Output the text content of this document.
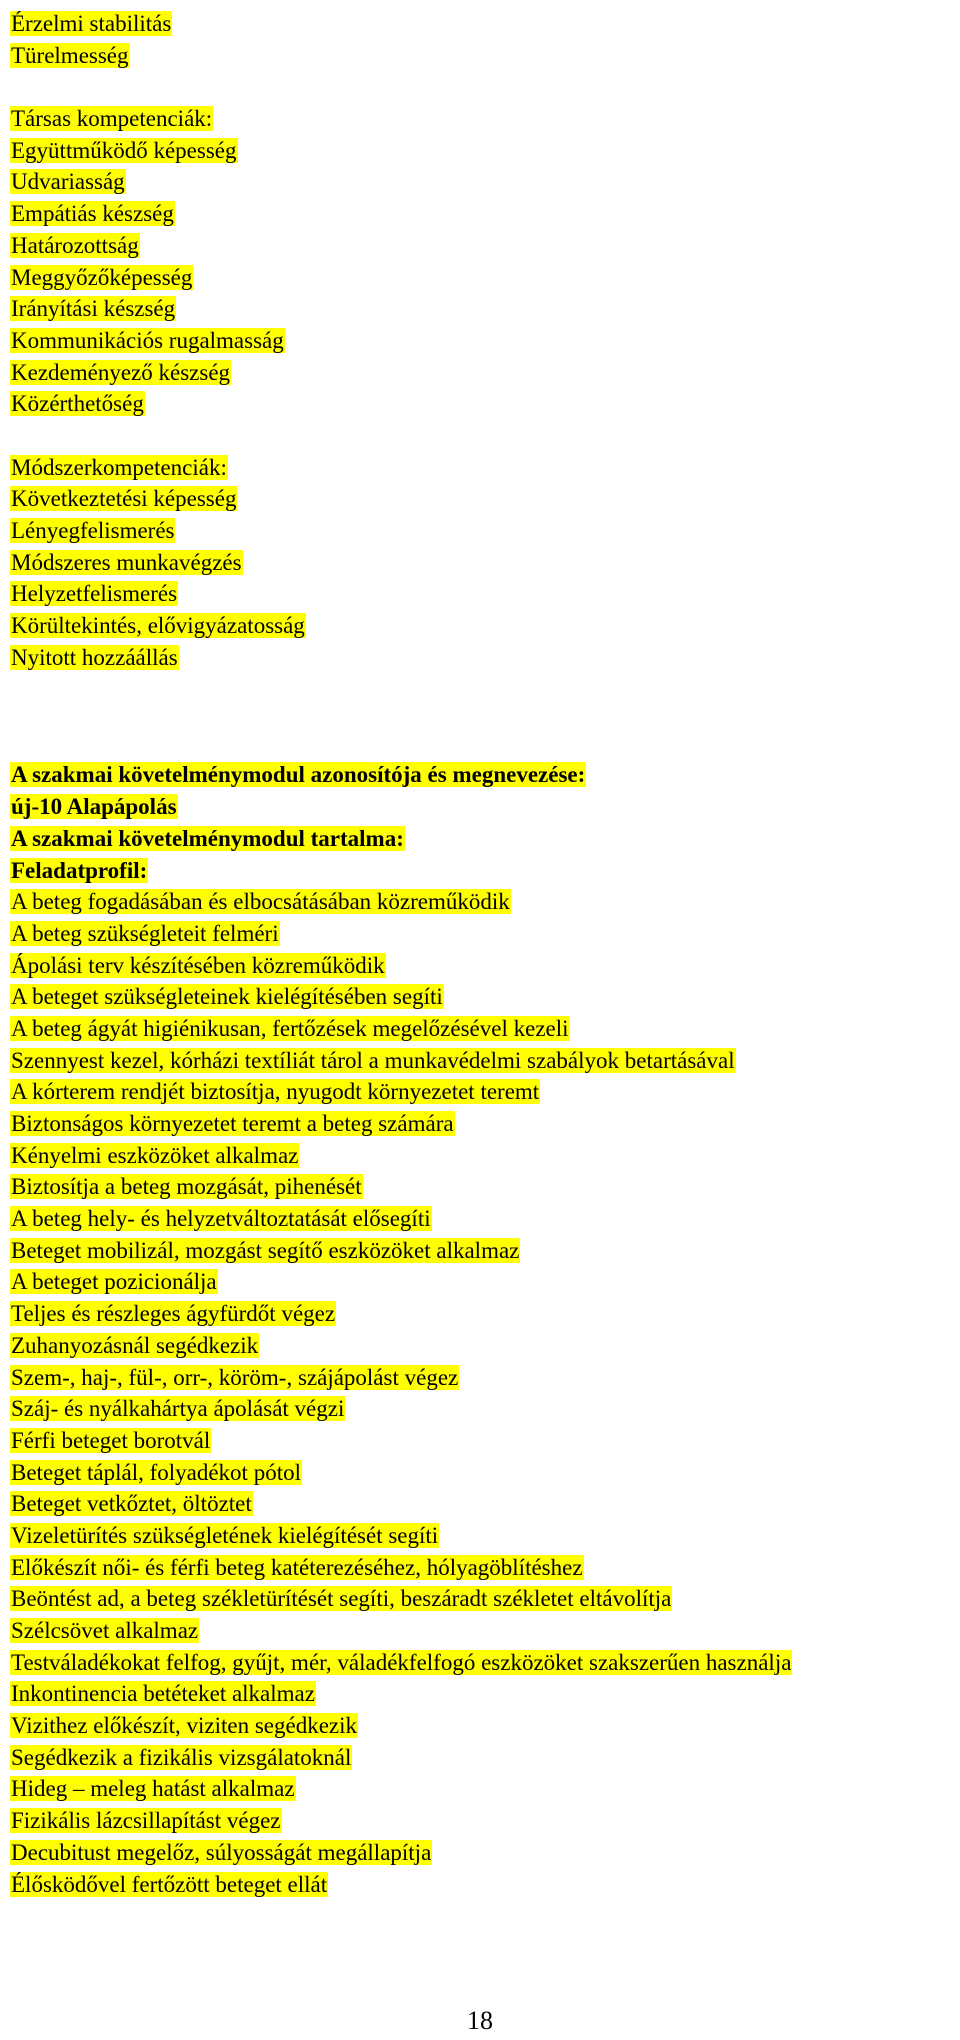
Érzelmi stabilitás
Türelmesség
Társas kompetenciák:
Együttműködő képesség
Udvariasság
Empátiás készség
Határozottság
Meggyőzőképesség
Irányítási készség
Kommunikációs rugalmasság
Kezdeményező készség
Közérthetőség
Módszerkompetenciák:
Következtetési képesség
Lényegfelismerés
Módszeres munkavégzés
Helyzetfelismerés
Körültekintés, elővigyázatosság
Nyitott hozzáállás
A szakmai követelménymodul azonosítója és megnevezése:
új-10 Alapápolás
A szakmai követelménymodul tartalma:
Feladatprofil:
A beteg fogadásában és elbocsátásában közreműködik
A beteg szükségleteit felméri
Ápolási terv készítésében közreműködik
A beteget szükségleteinek kielégítésében segíti
A beteg ágyát higiénikusan, fertőzések megelőzésével kezeli
Szennyest kezel, kórházi textíliát tárol a munkavédelmi szabályok betartásával
A kórterem rendjét biztosítja, nyugodt környezetet teremt
Biztonságos környezetet teremt a beteg számára
Kényelmi eszközöket alkalmaz
Biztosítja a beteg mozgását, pihenését
A beteg hely- és helyzetváltoztatását elősegíti
Beteget mobilizál, mozgást segítő eszközöket alkalmaz
A beteget pozicionálja
Teljes és részleges ágyfürdőt végez
Zuhanyozásnál segédkezik
Szem-, haj-, fül-, orr-, köröm-, szájápolást végez
Száj- és nyálkahártya ápolását végzi
Férfi beteget borotvál
Beteget táplál, folyadékot pótol
Beteget vetkőztet, öltöztet
Vizeletürítés szükségletének kielégítését segíti
Előkészít női- és férfi beteg katéterezéséhez, hólyagöblítéshez
Beöntést ad, a beteg székletürítését segíti, beszáradt székletet eltávolítja
Szélcsövet alkalmaz
Testváladékokat felfog, gyűjt, mér, váladékfelfogó eszközöket szakszerűen használja
Inkontinencia betéteket alkalmaz
Vizithez előkészít, viziten segédkezik
Segédkezik a fizikális vizsgálatoknál
Hideg – meleg hatást alkalmaz
Fizikális lázcsillapítást végez
Decubitust megelőz, súlyosságát megállapítja
Élősködővel fertőzött beteget ellát
18
